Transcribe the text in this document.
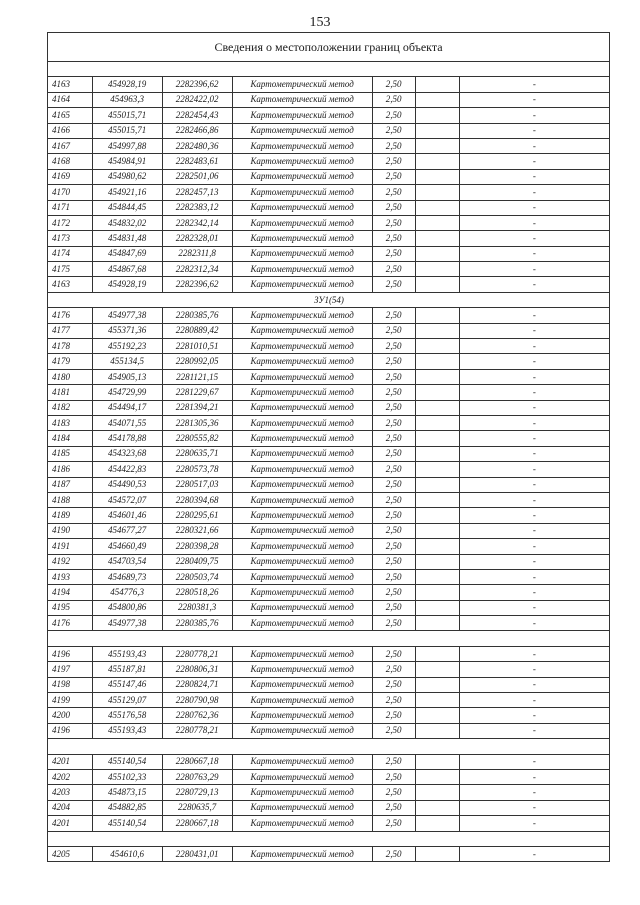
153
Сведения о местоположении границ объекта

4163	454928,19	2282396,62	Картометрический метод	2,50		-
4164	454963,3	2282422,02	Картометрический метод	2,50		-
4165	455015,71	2282454,43	Картометрический метод	2,50		-
4166	455015,71	2282466,86	Картометрический метод	2,50		-
4167	454997,88	2282480,36	Картометрический метод	2,50		-
4168	454984,91	2282483,61	Картометрический метод	2,50		-
4169	454980,62	2282501,06	Картометрический метод	2,50		-
4170	454921,16	2282457,13	Картометрический метод	2,50		-
4171	454844,45	2282383,12	Картометрический метод	2,50		-
4172	454832,02	2282342,14	Картометрический метод	2,50		-
4173	454831,48	2282328,01	Картометрический метод	2,50		-
4174	454847,69	2282311,8	Картометрический метод	2,50		-
4175	454867,68	2282312,34	Картометрический метод	2,50		-
4163	454928,19	2282396,62	Картометрический метод	2,50		-
ЗУ1(54)						
4176	454977,38	2280385,76	Картометрический метод	2,50		-
4177	455371,36	2280889,42	Картометрический метод	2,50		-
4178	455192,23	2281010,51	Картометрический метод	2,50		-
4179	455134,5	2280992,05	Картометрический метод	2,50		-
4180	454905,13	2281121,15	Картометрический метод	2,50		-
4181	454729,99	2281229,67	Картометрический метод	2,50		-
4182	454494,17	2281394,21	Картометрический метод	2,50		-
4183	454071,55	2281305,36	Картометрический метод	2,50		-
4184	454178,88	2280555,82	Картометрический метод	2,50		-
4185	454323,68	2280635,71	Картометрический метод	2,50		-
4186	454422,83	2280573,78	Картометрический метод	2,50		-
4187	454490,53	2280517,03	Картометрический метод	2,50		-
4188	454572,07	2280394,68	Картометрический метод	2,50		-
4189	454601,46	2280295,61	Картометрический метод	2,50		-
4190	454677,27	2280321,66	Картометрический метод	2,50		-
4191	454660,49	2280398,28	Картометрический метод	2,50		-
4192	454703,54	2280409,75	Картометрический метод	2,50		-
4193	454689,73	2280503,74	Картометрический метод	2,50		-
4194	454776,3	2280518,26	Картометрический метод	2,50		-
4195	454800,86	2280381,3	Картометрический метод	2,50		-
4176	454977,38	2280385,76	Картометрический метод	2,50		-

4196	455193,43	2280778,21	Картометрический метод	2,50		-
4197	455187,81	2280806,31	Картометрический метод	2,50		-
4198	455147,46	2280824,71	Картометрический метод	2,50		-
4199	455129,07	2280790,98	Картометрический метод	2,50		-
4200	455176,58	2280762,36	Картометрический метод	2,50		-
4196	455193,43	2280778,21	Картометрический метод	2,50		-

4201	455140,54	2280667,18	Картометрический метод	2,50		-
4202	455102,33	2280763,29	Картометрический метод	2,50		-
4203	454873,15	2280729,13	Картометрический метод	2,50		-
4204	454882,85	2280635,7	Картометрический метод	2,50		-
4201	455140,54	2280667,18	Картометрический метод	2,50		-

4205	454610,6	2280431,01	Картометрический метод	2,50		-
